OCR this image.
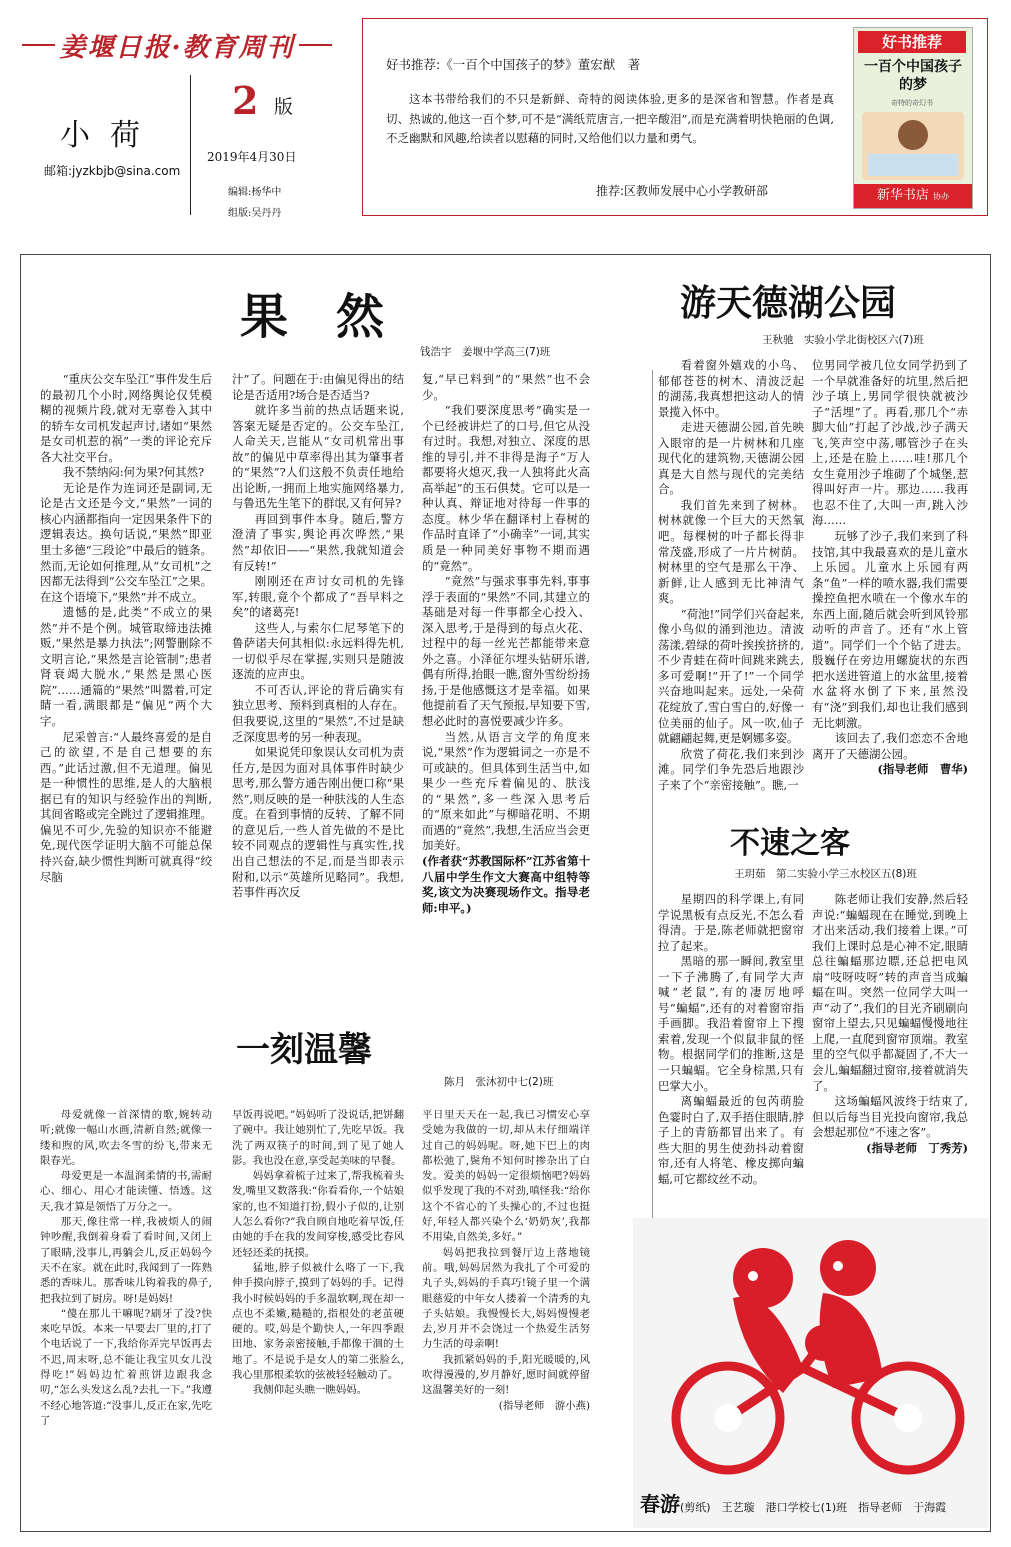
姜堰日报·教育周刊
小荷
邮箱:jyzkbjb@sina.com
2 版
2019年4月30日
编辑:杨华中
组版:吴丹丹
好书推荐:《一百个中国孩子的梦》董宏猷　著
这本书带给我们的不只是新鲜、奇特的阅读体验,更多的是深省和智慧。作者是真切、热诚的,他这一百个梦,可不是“满纸荒唐言,一把辛酸泪”,而是充满着明快艳丽的色调,不乏幽默和风趣,给读者以慰藉的同时,又给他们以力量和勇气。
推荐:区教师发展中心小学教研部
好书推荐
一百个中国孩子的梦
奇特的奇幻书
新华书店 协办
果然
钱浩宇　姜堰中学高三(7)班

“重庆公交车坠江”事件发生后的最初几个小时,网络舆论仅凭模糊的视频片段,就对无辜卷入其中的轿车女司机发起声讨,诸如“果然是女司机惹的祸”一类的评论充斥各大社交平台。

我不禁纳闷:何为果?何其然?

无论是作为连词还是副词,无论是古文还是今文,“果然”一词的核心内涵都指向一定因果条件下的逻辑表达。换句话说,“果然”即亚里士多德“三段论”中最后的链条。然而,无论如何推理,从“女司机”之因都无法得到“公交车坠江”之果。在这个语境下,“果然”并不成立。

遗憾的是,此类“不成立的果然”并不是个例。城管取缔违法摊贩,“果然是暴力执法”;网警删除不文明言论,“果然是言论管制”;患者肾衰竭大脱水,“果然是黑心医院”……通篇的“果然”叫嚣着,可定睛一看,满眼都是“偏见”两个大字。

尼采曾言:“人最终喜爱的是自己的欲望,不是自己想要的东西。”此话过激,但不无道理。偏见是一种惯性的思维,是人的大脑根据已有的知识与经验作出的判断,其间省略或完全跳过了逻辑推理。偏见不可少,先验的知识亦不能避免,现代医学证明大脑不可能总保持兴奋,缺少惯性判断可就真得“绞尽脑

汁”了。问题在于:由偏见得出的结论是否适用?场合是否适当?

就许多当前的热点话题来说,答案无疑是否定的。公交车坠江,人命关天,岂能从“女司机常出事故”的偏见中草率得出其为肇事者的“果然”?人们这般不负责任地给出论断,一拥而上地实施网络暴力,与鲁迅先生笔下的群氓,又有何异?

再回到事件本身。随后,警方澄清了事实,舆论再次哗然,“果然”却依旧——“果然,我就知道会有反转!”

刚刚还在声讨女司机的先锋军,转眼,竟个个都成了“吾早料之矣”的诸葛亮!

这些人,与索尔仁尼琴笔下的鲁萨诺夫何其相似:永远料得先机,一切似乎尽在掌握,实则只是随波逐流的应声虫。

不可否认,评论的背后确实有独立思考、预料到真相的人存在。但我要说,这里的“果然”,不过是缺乏深度思考的另一种表现。

如果说凭印象误认女司机为责任方,是因为面对具体事件时缺少思考,那么警方通告刚出便口称“果然”,则反映的是一种肤浅的人生态度。在看到事情的反转、了解不同的意见后,一些人首先做的不是比较不同观点的逻辑性与真实性,找出自己想法的不足,而是当即表示附和,以示“英雄所见略同”。我想,若事件再次反

复,“早已料到”的“果然”也不会少。

“我们要深度思考”确实是一个已经被讲烂了的口号,但它从没有过时。我想,对独立、深度的思维的导引,并不非得是海子“万人都要将火熄灭,我一人独将此火高高举起”的玉石俱焚。它可以是一种认真、辩证地对待每一件事的态度。林少华在翻译村上春树的作品时直译了“小确幸”一词,其实质是一种同美好事物不期而遇的“竟然”。

“竟然”与强求事事先料,事事浮于表面的“果然”不同,其建立的基础是对每一件事都全心投入、深入思考,于是得到的每点火花、过程中的每一丝光芒都能带来意外之喜。小泽征尔埋头钻研乐谱,偶有所得,抬眼一瞧,窗外雪纷纷扬扬,于是他感慨这才是幸福。如果他提前看了天气预报,早知要下雪,想必此时的喜悦要减少许多。

当然,从语言文学的角度来说,“果然”作为逻辑词之一亦是不可或缺的。但具体到生活当中,如果少一些充斥着偏见的、肤浅的“果然”,多一些深入思考后的“原来如此”与柳暗花明、不期而遇的“竟然”,我想,生活应当会更加美好。

(作者获“苏教国际杯”江苏省第十八届中学生作文大赛高中组特等奖,该文为决赛现场作文。指导老师:申平。)

一刻温馨
陈月　张沐初中七(2)班

母爱就像一首深情的歌,婉转动听;就像一幅山水画,清新自然;就像一缕和煦的风,吹去冬雪的纷飞,带来无限春光。

母爱更是一本温润柔情的书,需耐心、细心、用心才能读懂、悟透。这天,我才算是领悟了万分之一。

那天,像往常一样,我被烦人的闹钟吵醒,我倒着身看了看时间,又闭上了眼睛,没事儿,再躺会儿,反正妈妈今天不在家。就在此时,我闻到了一阵熟悉的香味儿。那香味儿钩着我的鼻子,把我拉到了厨房。呀!是妈妈!

“傻在那儿干嘛呢?刷牙了没?快来吃早饭。本来一早要去厂里的,打了个电话说了一下,我给你弄完早饭再去不迟,周末呀,总不能让我宝贝女儿没得吃!”妈妈边忙着煎饼边跟我念叨,“怎么头发这么乱?去扎一下。”我遵不经心地答道:“没事儿,反正在家,先吃了

早饭再说吧。”妈妈听了没说话,把饼翻了碗中。我让她别忙了,先吃早饭。我洗了两双筷子的时间,到了见了她人影。我也没在意,享受起美味的早餐。

妈妈拿着梳子过来了,帮我梳着头发,嘴里又数落我:“你看看你,一个姑娘家的,也不知道打扮,假小子似的,让别人怎么看你?”我自顾自地吃着早饭,任由她的手在我的发间穿梭,感受比春风还轻还柔的抚摸。

猛地,脖子似被什么咯了一下,我伸手摸向脖子,摸到了妈妈的手。记得我小时候妈妈的手多温软啊,现在却一点也不柔嫩,糙糙的,指根处的老茧硬硬的。哎,妈是个勤快人,一年四季跟田地、家务亲密接触,手都像干涸的土地了。不是说手是女人的第二张脸么,我心里那根柔软的弦被轻轻触动了。

我侧仰起头瞧一瞧妈妈。

平日里天天在一起,我已习惯安心享受她为我做的一切,却从未仔细端详过自己的妈妈呢。呀,她下巴上的肉都松弛了,鬓角不知何时掺杂出了白发。爱美的妈妈一定很烦恼吧?妈妈似乎发现了我的不对劲,嗔怪我:“给你这个不省心的丫头操心的,不过也挺好,年轻人都兴染个么‘奶奶灰’,我都不用染,自然美,多好。”

妈妈把我拉到餐厅边上落地镜前。哦,妈妈居然为我扎了个可爱的丸子头,妈妈的手真巧!镜子里一个满眼慈爱的中年女人搂着一个清秀的丸子头姑娘。我慢慢长大,妈妈慢慢老去,岁月并不会饶过一个热爱生活努力生活的母亲啊!

我抓紧妈妈的手,阳光暖暖的,风吹得漫漫的,岁月静好,愿时间就停留这温馨美好的一刻!

(指导老师　游小燕)

游天德湖公园
王秋驰　实验小学北街校区六(7)班

看着窗外嬉戏的小鸟、郁郁苍苍的树木、清波泛起的湖荡,我真想把这动人的情景揽入怀中。

走进天德湖公园,首先映入眼帘的是一片树林和几座现代化的建筑物,天德湖公园真是大自然与现代的完美结合。

我们首先来到了树林。树林就像一个巨大的天然氧吧。每棵树的叶子都长得非常茂盛,形成了一片片树荫。树林里的空气是那么干净、新鲜,让人感到无比神清气爽。

“荷池!”同学们兴奋起来,像小鸟似的涌到池边。清波荡漾,碧绿的荷叶挨挨挤挤的,不少青蛙在荷叶间跳来跳去,多可爱啊!“开了!”一个同学兴奋地叫起来。远处,一朵荷花绽放了,雪白雪白的,好像一位美丽的仙子。风一吹,仙子就翩翩起舞,更是婀娜多姿。

欣赏了荷花,我们来到沙滩。同学们争先恐后地跟沙子来了个“亲密接触”。瞧,一

位男同学被几位女同学扔到了一个早就准备好的坑里,然后把沙子填上,男同学很快就被沙子“活埋”了。再看,那几个“赤脚大仙”打起了沙战,沙子满天飞,笑声空中荡,哪管沙子在头上,还是在脸上……哇!那几个女生竟用沙子堆砌了个城堡,惹得叫好声一片。那边……我再也忍不住了,大叫一声,跳入沙海……

玩够了沙子,我们来到了科技馆,其中我最喜欢的是儿童水上乐园。儿童水上乐园有两条“鱼”一样的喷水器,我们需要操控鱼把水喷在一个像水车的东西上面,随后就会听到风铃那动听的声音了。还有“水上管道”。同学们一个个钻了进去。殷巍仔在旁边用螺旋状的东西把水送进管道上的水盆里,接着水盆将水倒了下来,虽然没有“浇”到我们,却也让我们感到无比刺激。

该回去了,我们恋恋不舍地离开了天德湖公园。

(指导老师　曹华)

不速之客
王玥茹　第二实验小学三水校区五(8)班

星期四的科学课上,有同学说黑板有点反光,不怎么看得清。于是,陈老师就把窗帘拉了起来。

黑暗的那一瞬间,教室里一下子沸腾了,有同学大声喊“老鼠”,有的凄厉地呼号“蝙蝠”,还有的对着窗帘指手画脚。我沿着窗帘上下搜索着,发现一个似鼠非鼠的怪物。根据同学们的推断,这是一只蝙蝠。它全身棕黑,只有巴掌大小。

离蝙蝠最近的包芮萌脸色霎时白了,双手捂住眼睛,脖子上的青筋都冒出来了。有些大胆的男生使劲抖动着窗帘,还有人将笔、橡皮掷向蝙蝠,可它都纹丝不动。

陈老师让我们安静,然后轻声说:“蝙蝠现在在睡觉,到晚上才出来活动,我们接着上课。”可我们上课时总是心神不定,眼睛总往蝙蝠那边瞟,还总把电风扇“吱呀吱呀”转的声音当成蝙蝠在叫。突然一位同学大叫一声“动了”,我们的目光齐刷刷向窗帘上望去,只见蝙蝠慢慢地往上爬,一直爬到窗帘顶端。教室里的空气似乎都凝固了,不大一会儿,蝙蝠翻过窗帘,接着就消失了。

这场蝙蝠风波终于结束了,但以后每当目光投向窗帘,我总会想起那位“不速之客”。

(指导老师　丁秀芳)

春游(剪纸)　王艺璇　港口学校七(1)班　指导老师　于海霞
